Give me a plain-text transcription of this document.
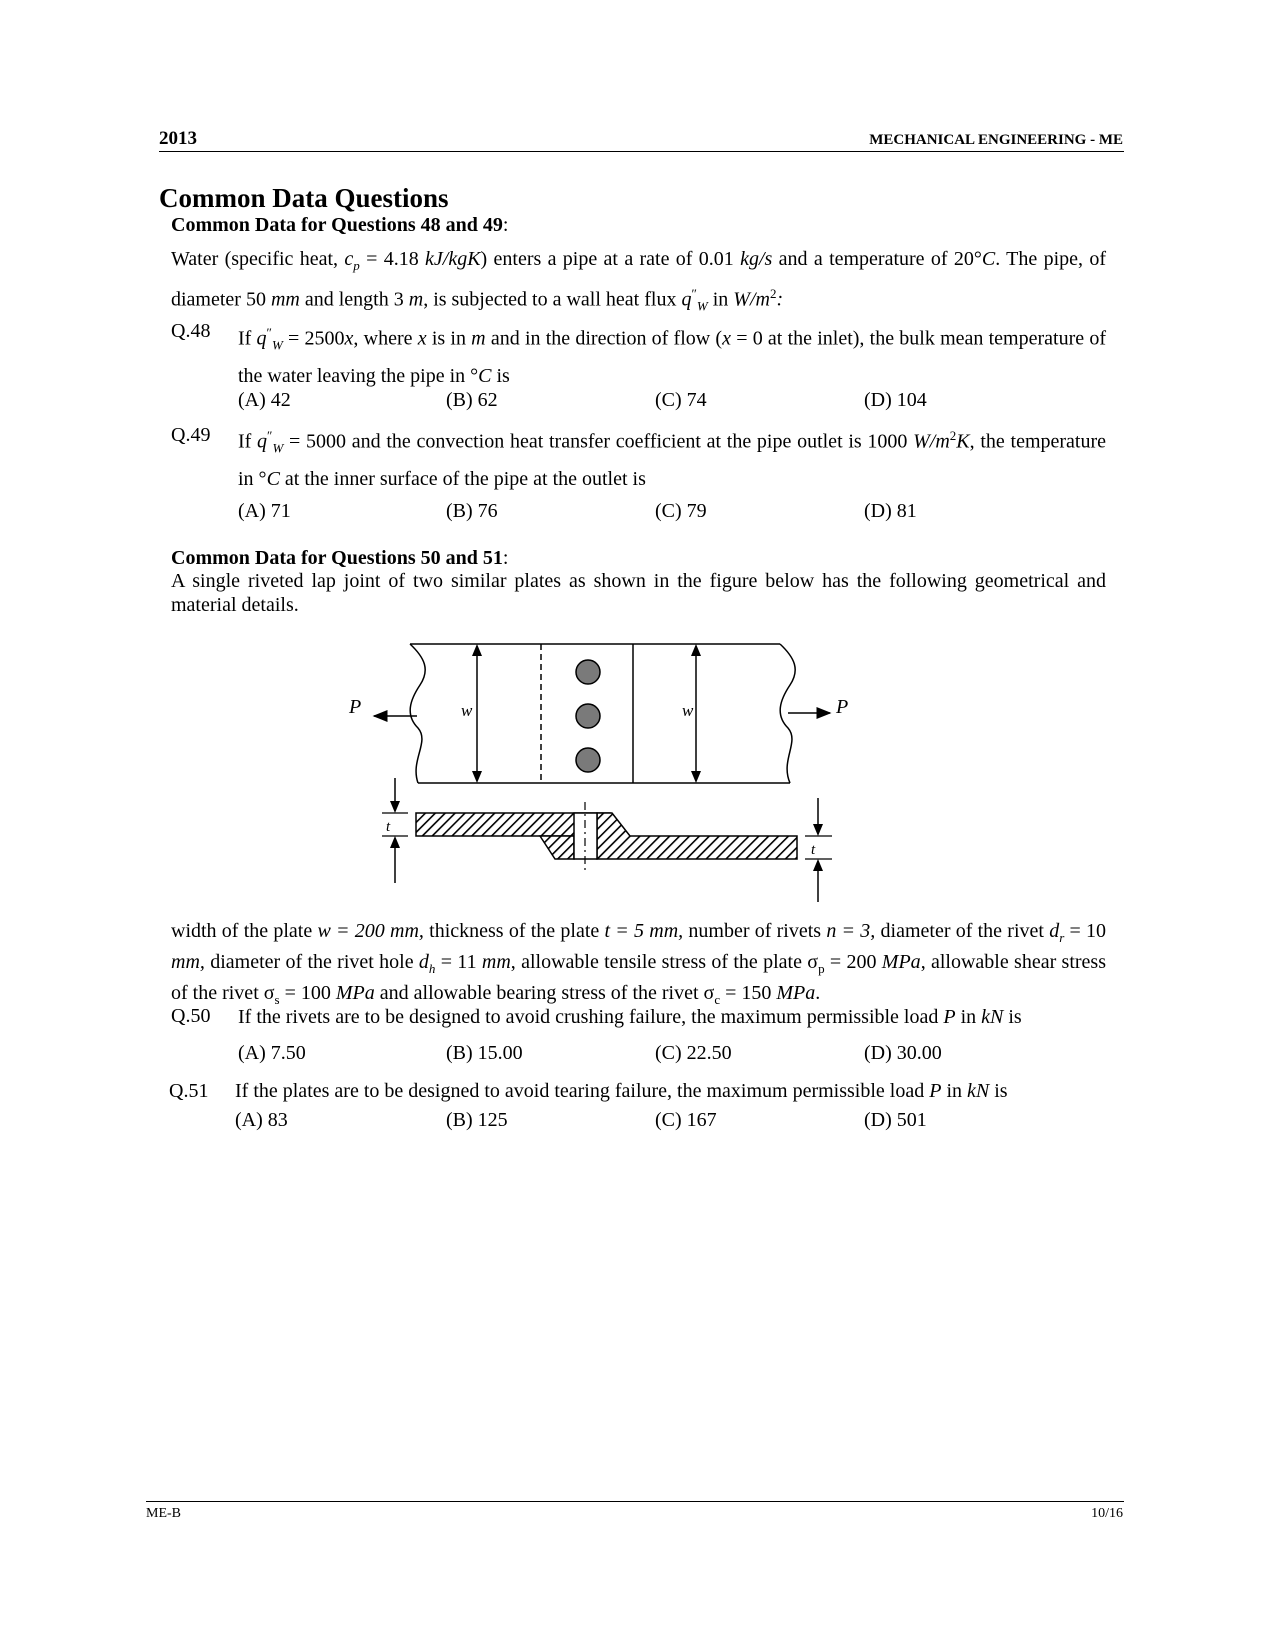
2013	MECHANICAL ENGINEERING - ME
Common Data Questions
Common Data for Questions 48 and 49:
Water (specific heat, $c_p = 4.18$ kJ/kgK) enters a pipe at a rate of 0.01 kg/s and a temperature of 20°C. The pipe, of diameter 50 mm and length 3 m, is subjected to a wall heat flux $q''_W$ in $W/m^2$:
Q.48 If $q''_W = 2500x$, where x is in m and in the direction of flow (x = 0 at the inlet), the bulk mean temperature of the water leaving the pipe in °C is
(A) 42	(B) 62	(C) 74	(D) 104
Q.49 If $q''_W = 5000$ and the convection heat transfer coefficient at the pipe outlet is 1000 $W/m^2K$, the temperature in °C at the inner surface of the pipe at the outlet is
(A) 71	(B) 76	(C) 79	(D) 81
Common Data for Questions 50 and 51:
A single riveted lap joint of two similar plates as shown in the figure below has the following geometrical and material details.
P	P
w	w
t
t
width of the plate w = 200 mm, thickness of the plate t = 5 mm, number of rivets n = 3, diameter of the rivet $d_r = 10$ mm, diameter of the rivet hole $d_h = 11$ mm, allowable tensile stress of the plate $\sigma_p = 200$ MPa, allowable shear stress of the rivet $\sigma_s = 100$ MPa and allowable bearing stress of the rivet $\sigma_c = 150$ MPa.
Q.50 If the rivets are to be designed to avoid crushing failure, the maximum permissible load P in kN is
(A) 7.50	(B) 15.00	(C) 22.50	(D) 30.00
Q.51 If the plates are to be designed to avoid tearing failure, the maximum permissible load P in kN is
(A) 83	(B) 125	(C) 167	(D) 501
ME-B	10/16
